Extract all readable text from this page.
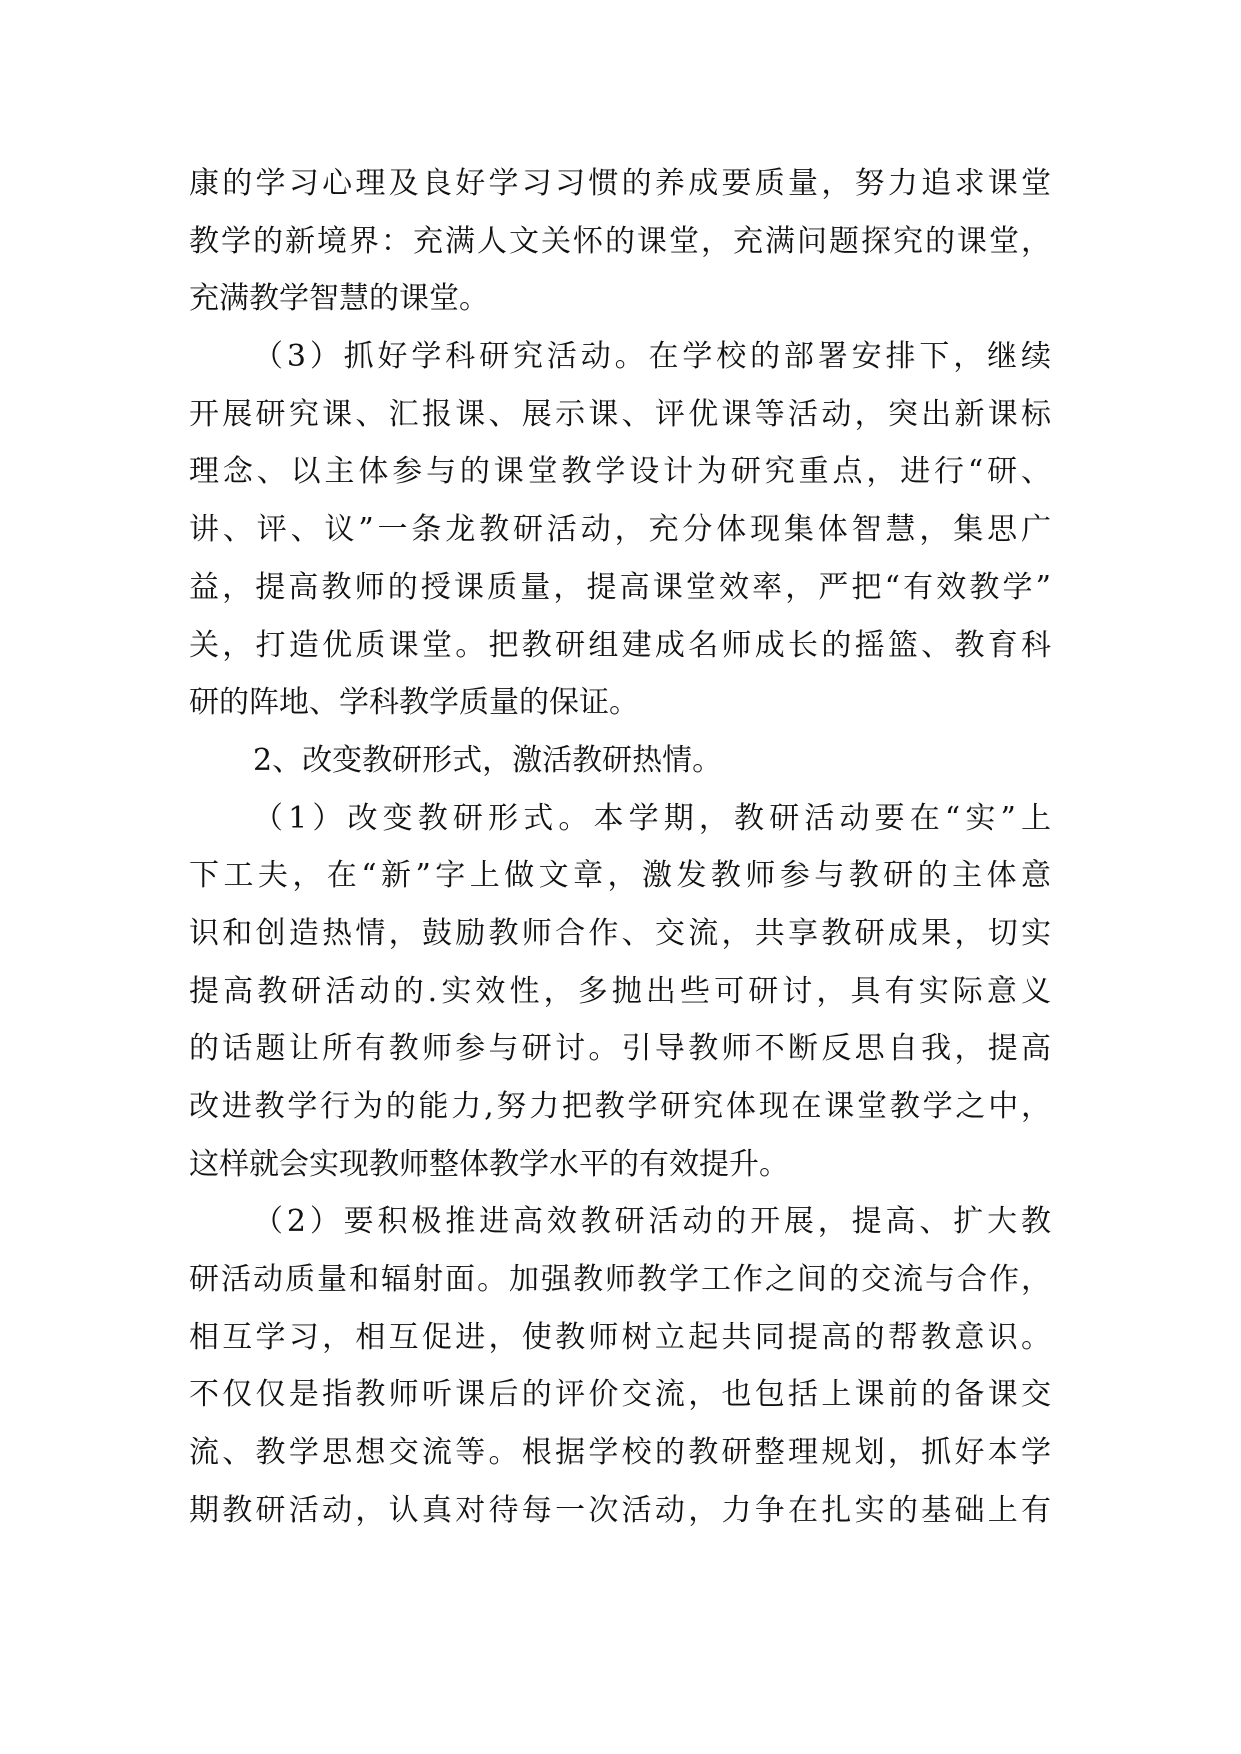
康的学习心理及良好学习习惯的养成要质量，努力追求课堂
教学的新境界：充满人文关怀的课堂，充满问题探究的课堂，
充满教学智慧的课堂。
（3）抓好学科研究活动。在学校的部署安排下，继续
开展研究课、汇报课、展示课、评优课等活动，突出新课标
理念、以主体参与的课堂教学设计为研究重点，进行“研、
讲、评、议”一条龙教研活动，充分体现集体智慧，集思广
益，提高教师的授课质量，提高课堂效率，严把“有效教学”
关，打造优质课堂。把教研组建成名师成长的摇篮、教育科
研的阵地、学科教学质量的保证。
2、改变教研形式，激活教研热情。
（1）改变教研形式。本学期，教研活动要在“实”上
下工夫，在“新”字上做文章，激发教师参与教研的主体意
识和创造热情，鼓励教师合作、交流，共享教研成果，切实
提高教研活动的.实效性，多抛出些可研讨，具有实际意义
的话题让所有教师参与研讨。引导教师不断反思自我，提高
改进教学行为的能力,努力把教学研究体现在课堂教学之中，
这样就会实现教师整体教学水平的有效提升。
（2）要积极推进高效教研活动的开展，提高、扩大教
研活动质量和辐射面。加强教师教学工作之间的交流与合作，
相互学习，相互促进，使教师树立起共同提高的帮教意识。
不仅仅是指教师听课后的评价交流，也包括上课前的备课交
流、教学思想交流等。根据学校的教研整理规划，抓好本学
期教研活动，认真对待每一次活动，力争在扎实的基础上有
